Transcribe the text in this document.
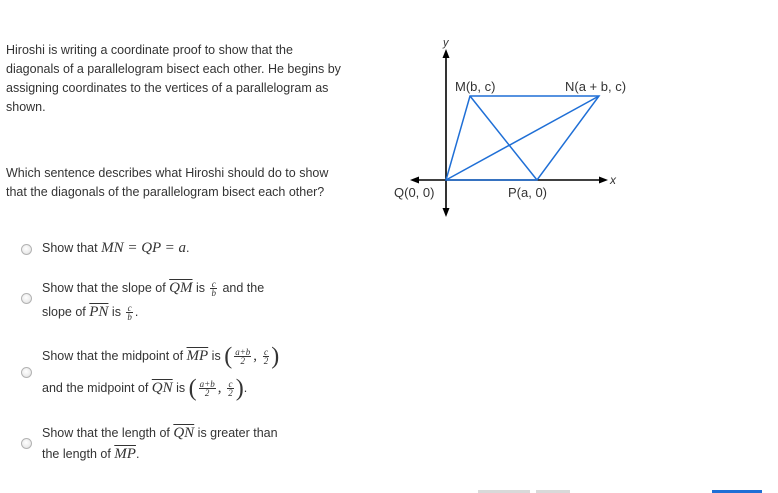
Hiroshi is writing a coordinate proof to show that the diagonals of a parallelogram bisect each other. He begins by assigning coordinates to the vertices of a parallelogram as shown.

y
x
M(b, c)	N(a + b, c)
Q(0, 0)	P(a, 0)

Which sentence describes what Hiroshi should do to show that the diagonals of the parallelogram bisect each other?

Show that MN = QP = a.
Show that the slope of $\overline{QM}$ is $\frac{c}{b}$ and the
slope of $\overline{PN}$ is $\frac{c}{b}$ .
Show that the midpoint of $\overline{MP}$ is ( $\frac{a+b}{2}$ , $\frac{c}{2}$ )
and the midpoint of $\overline{QN}$ is ( $\frac{a+b}{2}$ , $\frac{c}{2}$ ).
Show that the length of $\overline{QN}$ is greater than
the length of $\overline{MP}$.
